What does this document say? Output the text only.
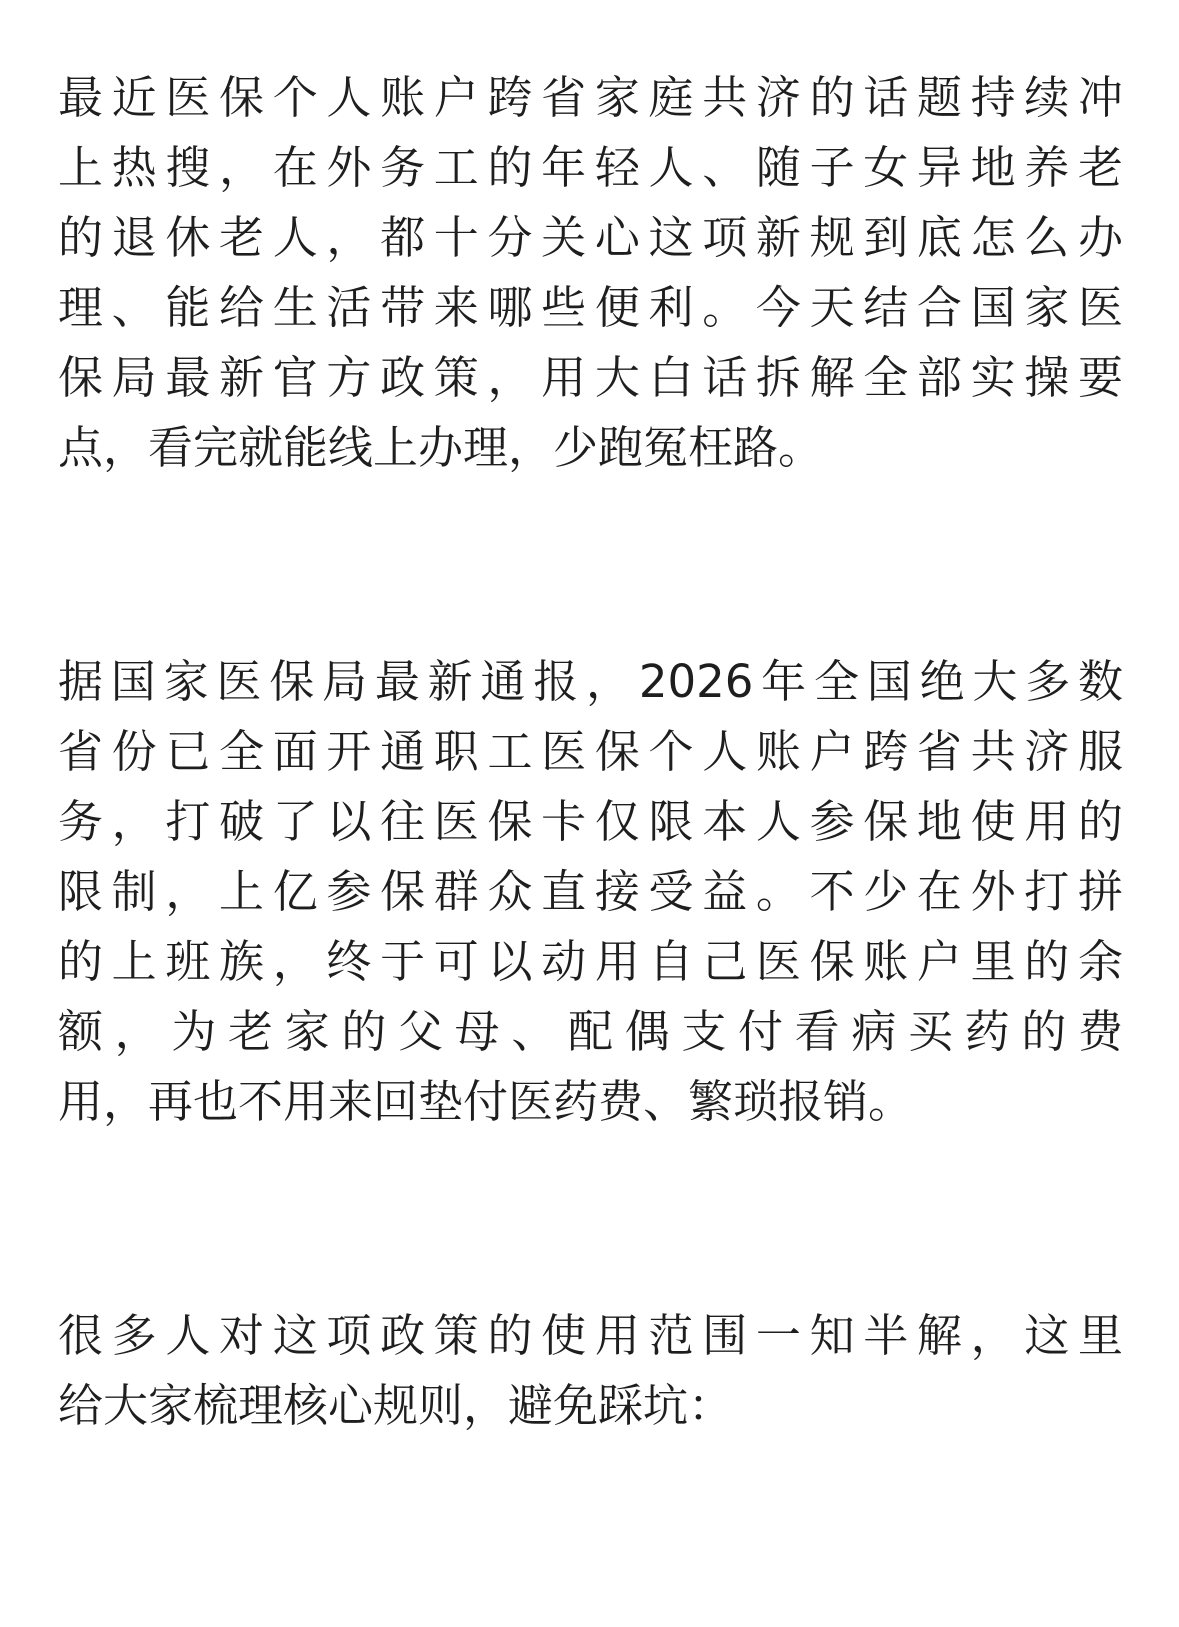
最近医保个人账户跨省家庭共济的话题持续冲
上热搜，在外务工的年轻人、随子女异地养老
的退休老人，都十分关心这项新规到底怎么办
理、能给生活带来哪些便利。今天结合国家医
保局最新官方政策，用大白话拆解全部实操要
点，看完就能线上办理，少跑冤枉路。
据国家医保局最新通报，2026年全国绝大多数
省份已全面开通职工医保个人账户跨省共济服
务，打破了以往医保卡仅限本人参保地使用的
限制，上亿参保群众直接受益。不少在外打拼
的上班族，终于可以动用自己医保账户里的余
额，为老家的父母、配偶支付看病买药的费
用，再也不用来回垫付医药费、繁琐报销。
很多人对这项政策的使用范围一知半解，这里
给大家梳理核心规则，避免踩坑：
